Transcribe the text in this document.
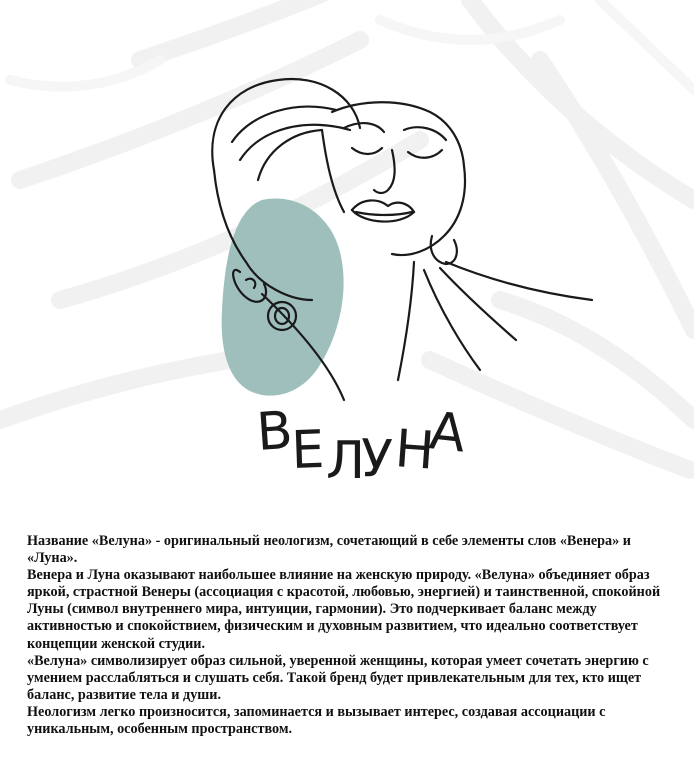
В
Е Л
У Н
А

Название «Велуна» - оригинальный неологизм, сочетающий в себе элементы слов «Венера» и «Луна».

Венера и Луна оказывают наибольшее влияние на женскую природу. «Велуна» объединяет образ яркой, страстной Венеры (ассоциация с красотой, любовью, энергией) и таинственной, спокойной Луны (символ внутреннего мира, интуиции, гармонии). Это подчеркивает баланс между активностью и спокойствием, физическим и духовным развитием, что идеально соответствует концепции женской студии.

«Велуна» символизирует образ сильной, уверенной женщины, которая умеет сочетать энергию с умением расслабляться и слушать себя. Такой бренд будет привлекательным для тех, кто ищет баланс, развитие тела и души.

Неологизм легко произносится, запоминается и вызывает интерес, создавая ассоциации с уникальным, особенным пространством.
